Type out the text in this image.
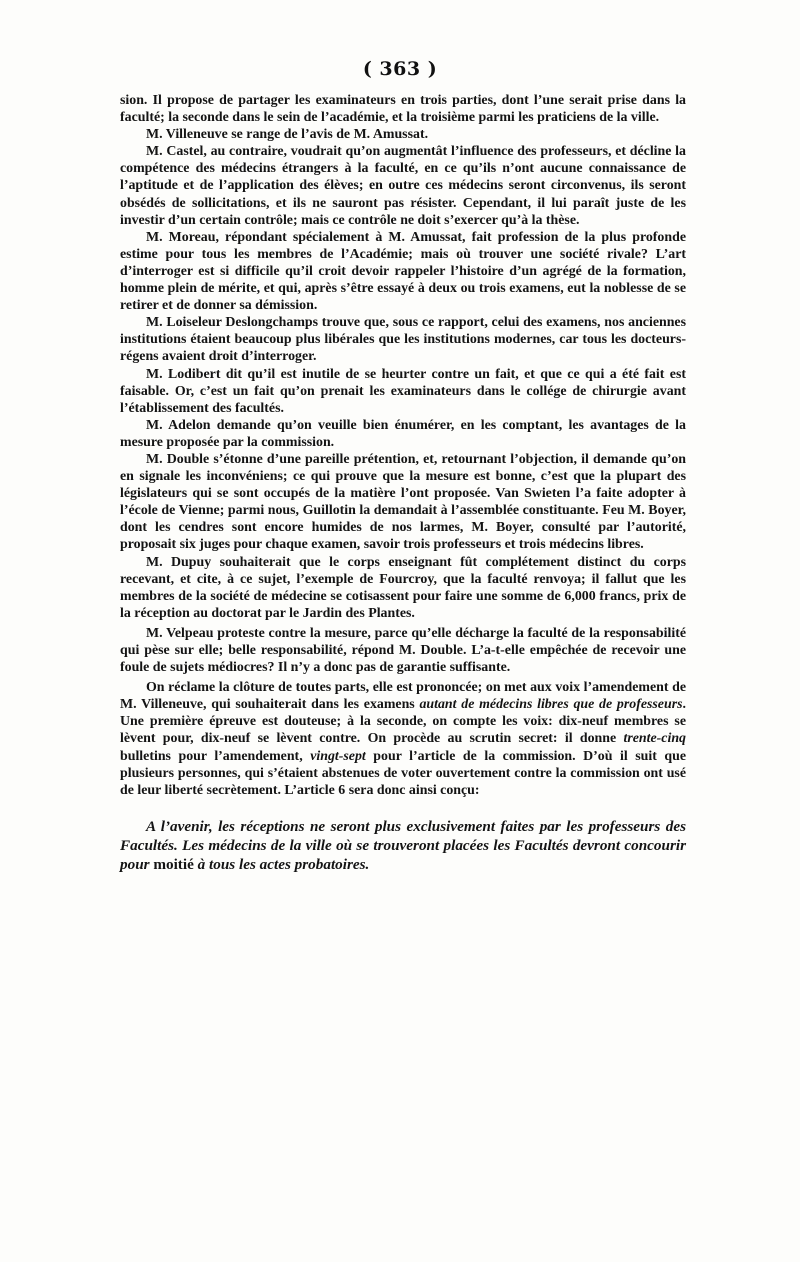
( 363 )

sion. Il propose de partager les examinateurs en trois parties, dont l’une serait prise dans la faculté; la seconde dans le sein de l’académie, et la troisième parmi les praticiens de la ville.

M. Villeneuve se range de l’avis de M. Amussat.

M. Castel, au contraire, voudrait qu’on augmentât l’influence des professeurs, et décline la compétence des médecins étrangers à la faculté, en ce qu’ils n’ont aucune connaissance de l’aptitude et de l’application des élèves; en outre ces médecins seront circonvenus, ils seront obsédés de sollicitations, et ils ne sauront pas résister. Cependant, il lui paraît juste de les investir d’un certain contrôle; mais ce contrôle ne doit s’exercer qu’à la thèse.

M. Moreau, répondant spécialement à M. Amussat, fait profession de la plus profonde estime pour tous les membres de l’Académie; mais où trouver une société rivale? L’art d’interroger est si difficile qu’il croit devoir rappeler l’histoire d’un agrégé de la formation, homme plein de mérite, et qui, après s’être essayé à deux ou trois examens, eut la noblesse de se retirer et de donner sa démission.

M. Loiseleur Deslongchamps trouve que, sous ce rapport, celui des examens, nos anciennes institutions étaient beaucoup plus libérales que les institutions modernes, car tous les docteurs-régens avaient droit d’interroger.

M. Lodibert dit qu’il est inutile de se heurter contre un fait, et que ce qui a été fait est faisable. Or, c’est un fait qu’on prenait les examinateurs dans le collége de chirurgie avant l’établissement des facultés.

M. Adelon demande qu’on veuille bien énumérer, en les comptant, les avantages de la mesure proposée par la commission.

M. Double s’étonne d’une pareille prétention, et, retournant l’objection, il demande qu’on en signale les inconvéniens; ce qui prouve que la mesure est bonne, c’est que la plupart des législateurs qui se sont occupés de la matière l’ont proposée. Van Swieten l’a faite adopter à l’école de Vienne; parmi nous, Guillotin la demandait à l’assemblée constituante. Feu M. Boyer, dont les cendres sont encore humides de nos larmes, M. Boyer, consulté par l’autorité, proposait six juges pour chaque examen, savoir trois professeurs et trois médecins libres.

M. Dupuy souhaiterait que le corps enseignant fût complétement distinct du corps recevant, et cite, à ce sujet, l’exemple de Fourcroy, que la faculté renvoya; il fallut que les membres de la société de médecine se cotisassent pour faire une somme de 6,000 francs, prix de la réception au doctorat par le Jardin des Plantes.

M. Velpeau proteste contre la mesure, parce qu’elle décharge la faculté de la responsabilité qui pèse sur elle; belle responsabilité, répond M. Double. L’a-t-elle empêchée de recevoir une foule de sujets médiocres? Il n’y a donc pas de garantie suffisante.

On réclame la clôture de toutes parts, elle est prononcée; on met aux voix l’amendement de M. Villeneuve, qui souhaiterait dans les examens autant de médecins libres que de professeurs. Une première épreuve est douteuse; à la seconde, on compte les voix: dix-neuf membres se lèvent pour, dix-neuf se lèvent contre. On procède au scrutin secret: il donne trente-cinq bulletins pour l’amendement, vingt-sept pour l’article de la commission. D’où il suit que plusieurs personnes, qui s’étaient abstenues de voter ouvertement contre la commission ont usé de leur liberté secrètement. L’article 6 sera donc ainsi conçu:

A l’avenir, les réceptions ne seront plus exclusivement faites par les professeurs des Facultés. Les médecins de la ville où se trouveront placées les Facultés devront concourir pour moitié à tous les actes probatoires.
